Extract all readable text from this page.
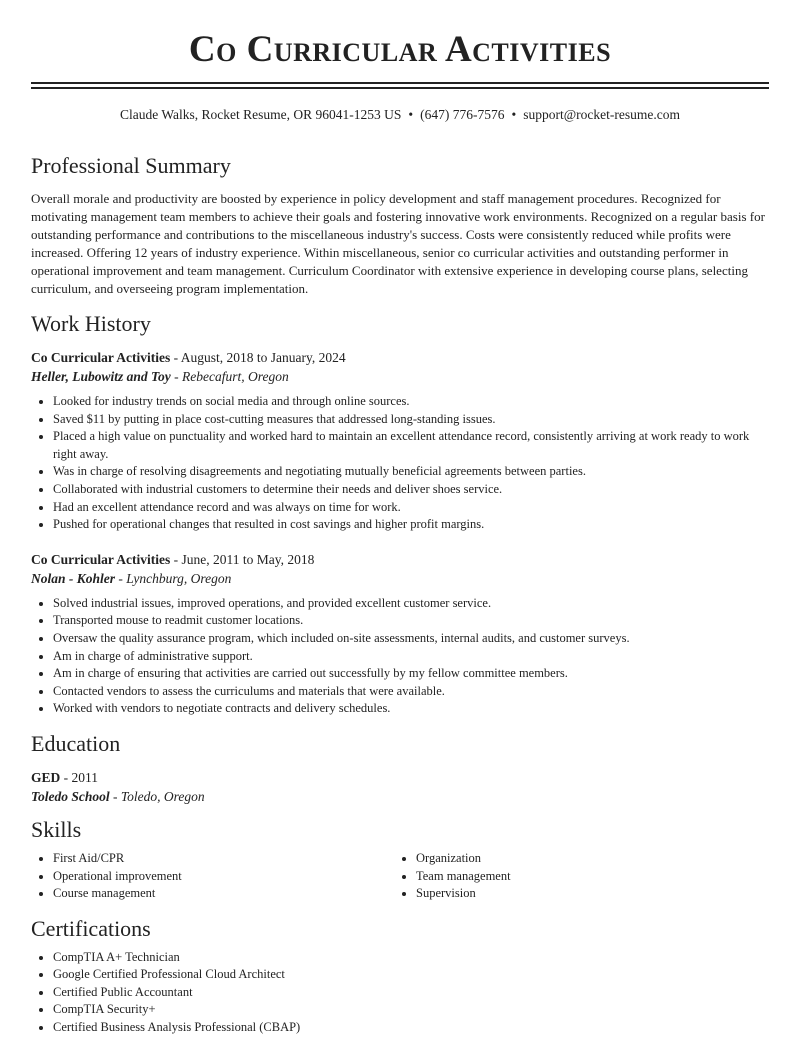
Co Curricular Activities
Claude Walks, Rocket Resume, OR 96041-1253 US • (647) 776-7576 • support@rocket-resume.com
Professional Summary
Overall morale and productivity are boosted by experience in policy development and staff management procedures. Recognized for motivating management team members to achieve their goals and fostering innovative work environments. Recognized on a regular basis for outstanding performance and contributions to the miscellaneous industry's success. Costs were consistently reduced while profits were increased. Offering 12 years of industry experience. Within miscellaneous, senior co curricular activities and outstanding performer in operational improvement and team management. Curriculum Coordinator with extensive experience in developing course plans, selecting curriculum, and overseeing program implementation.
Work History
Co Curricular Activities - August, 2018 to January, 2024
Heller, Lubowitz and Toy - Rebecafurt, Oregon
• Looked for industry trends on social media and through online sources.
• Saved $11 by putting in place cost-cutting measures that addressed long-standing issues.
• Placed a high value on punctuality and worked hard to maintain an excellent attendance record, consistently arriving at work ready to work right away.
• Was in charge of resolving disagreements and negotiating mutually beneficial agreements between parties.
• Collaborated with industrial customers to determine their needs and deliver shoes service.
• Had an excellent attendance record and was always on time for work.
• Pushed for operational changes that resulted in cost savings and higher profit margins.
Co Curricular Activities - June, 2011 to May, 2018
Nolan - Kohler - Lynchburg, Oregon
• Solved industrial issues, improved operations, and provided excellent customer service.
• Transported mouse to readmit customer locations.
• Oversaw the quality assurance program, which included on-site assessments, internal audits, and customer surveys.
• Am in charge of administrative support.
• Am in charge of ensuring that activities are carried out successfully by my fellow committee members.
• Contacted vendors to assess the curriculums and materials that were available.
• Worked with vendors to negotiate contracts and delivery schedules.
Education
GED - 2011
Toledo School - Toledo, Oregon
Skills
• First Aid/CPR
• Operational improvement
• Course management
• Organization
• Team management
• Supervision
Certifications
• CompTIA A+ Technician
• Google Certified Professional Cloud Architect
• Certified Public Accountant
• CompTIA Security+
• Certified Business Analysis Professional (CBAP)
